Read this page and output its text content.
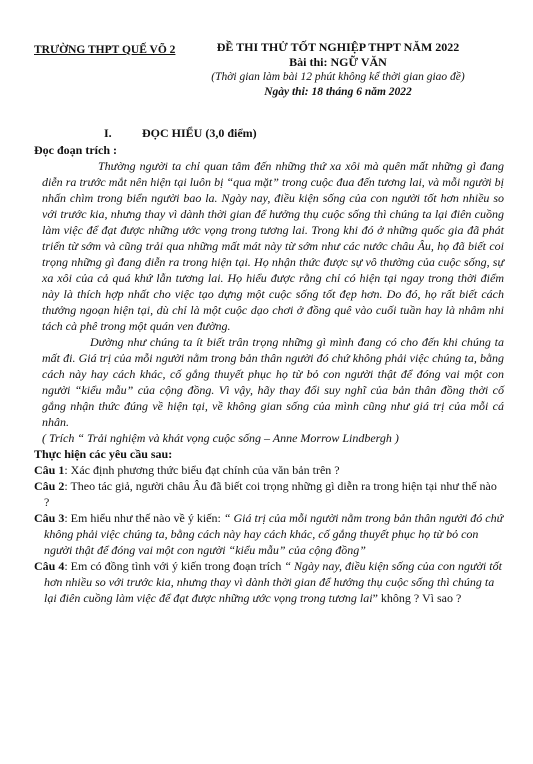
TRƯỜNG THPT QUẾ VÕ 2	ĐỀ THI THỬ TỐT NGHIỆP THPT NĂM 2022
Bài thi: NGỮ VĂN
(Thời gian làm bài 12 phút không kể thời gian giao đề)
Ngày thi: 18 tháng 6 năm 2022
I.	ĐỌC HIỂU (3,0 điểm)
Đọc đoạn trích :

Thường người ta chỉ quan tâm đến những thứ xa xôi mà quên mất những gì đang diễn ra trước mắt nên hiện tại luôn bị “qua mặt” trong cuộc đua đến tương lai, và mỗi người bị nhấn chìm trong biển người bao la. Ngày nay, điều kiện sống của con người tốt hơn nhiều so với trước kia, nhưng thay vì dành thời gian để hưởng thụ cuộc sống thì chúng ta lại điên cuồng làm việc để đạt được những ước vọng trong tương lai. Trong khi đó ở những quốc gia đã phát triển từ sớm và cũng trải qua những mất mát này từ sớm như các nước châu Âu, họ đã biết coi trọng những gì đang diễn ra trong hiện tại. Họ nhận thức được sự vô thường của cuộc sống, sự xa xôi của cả quá khứ lẫn tương lai. Họ hiểu được rằng chỉ có hiện tại ngay trong thời điểm này là thích hợp nhất cho việc tạo dựng một cuộc sống tốt đẹp hơn. Do đó, họ rất biết cách thưởng ngoạn hiện tại, dù chỉ là một cuộc dạo chơi ở đồng quê vào cuối tuần hay là nhâm nhi tách cà phê trong một quán ven đường.

Dường như chúng ta ít biết trân trọng những gì mình đang có cho đến khi chúng ta mất đi. Giá trị của mỗi người nằm trong bản thân người đó chứ không phải việc chúng ta, bằng cách này hay cách khác, cố gắng thuyết phục họ từ bỏ con người thật để đóng vai một con người “kiểu mẫu” của cộng đồng. Vì vậy, hãy thay đổi suy nghĩ của bản thân đồng thời cố gắng nhận thức đúng về hiện tại, về không gian sống của mình cũng như giá trị của mỗi cá nhân.

( Trích “ Trải nghiệm và khát vọng cuộc sống – Anne Morrow Lindbergh )
Thực hiện các yêu cầu sau:

Câu 1: Xác định phương thức biểu đạt chính của văn bản trên ?

Câu 2: Theo tác giả, người châu Âu đã biết coi trọng những gì diễn ra trong hiện tại như thế nào ?

Câu 3: Em hiểu như thế nào về ý kiến: “ Giá trị của mỗi người nằm trong bản thân người đó chứ không phải việc chúng ta, bằng cách này hay cách khác, cố gắng thuyết phục họ từ bỏ con người thật để đóng vai một con người “kiểu mẫu” của cộng đồng”

Câu 4: Em có đồng tình với ý kiến trong đoạn trích “ Ngày nay, điều kiện sống của con người tốt hơn nhiều so với trước kia, nhưng thay vì dành thời gian để hưởng thụ cuộc sống thì chúng ta lại điên cuồng làm việc để đạt được những ước vọng trong tương lai” không ? Vì sao ?
